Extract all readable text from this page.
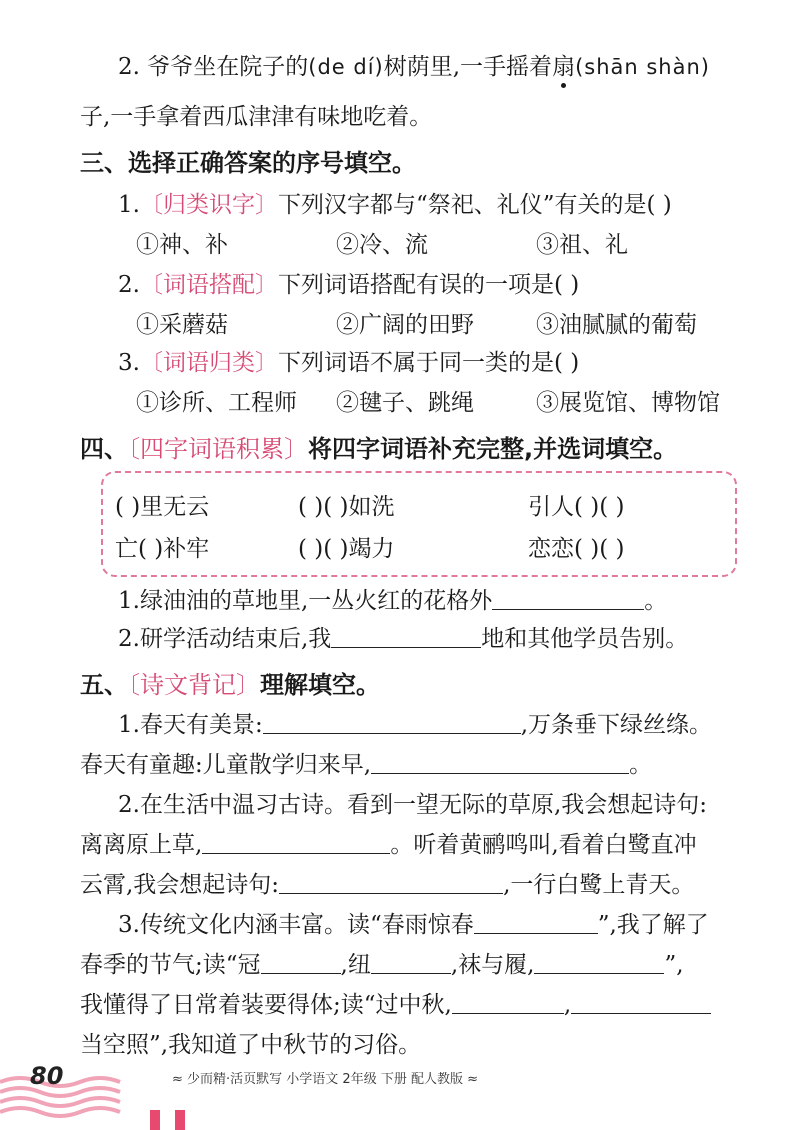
2. 爷爷坐在院子的(de dí)树荫里,一手摇着扇(shān shàn)
子,一手拿着西瓜津津有味地吃着。
三、选择正确答案的序号填空。
1.〔归类识字〕下列汉字都与“祭祀、礼仪”有关的是( )
①神、补	②冷、流	③祖、礼
2.〔词语搭配〕下列词语搭配有误的一项是( )
①采蘑菇	②广阔的田野	③油腻腻的葡萄
3.〔词语归类〕下列词语不属于同一类的是( )
①诊所、工程师 ②毽子、跳绳	③展览馆、博物馆
四、〔四字词语积累〕将四字词语补充完整,并选词填空。
( )里无云	( )( )如洗	引人( )( )
亡( )补牢	( )( )竭力	恋恋( )( )
1.绿油油的草地里,一丛火红的花格外	。
2.研学活动结束后,我	地和其他学员告别。
五、〔诗文背记〕理解填空。
1.春天有美景:	,万条垂下绿丝绦。
春天有童趣:儿童散学归来早,	。
2.在生活中温习古诗。看到一望无际的草原,我会想起诗句:
离离原上草,	。听着黄鹂鸣叫,看着白鹭直冲
云霄,我会想起诗句:	,一行白鹭上青天。
3.传统文化内涵丰富。读“春雨惊春	”,我了解了
春季的节气;读“冠	,纽	,袜与履,	”,
我懂得了日常着装要得体;读“过中秋,	,
当空照”,我知道了中秋节的习俗。
80	≈ 少而精·活页默写 小学语文 2年级 下册 配人教版 ≈
